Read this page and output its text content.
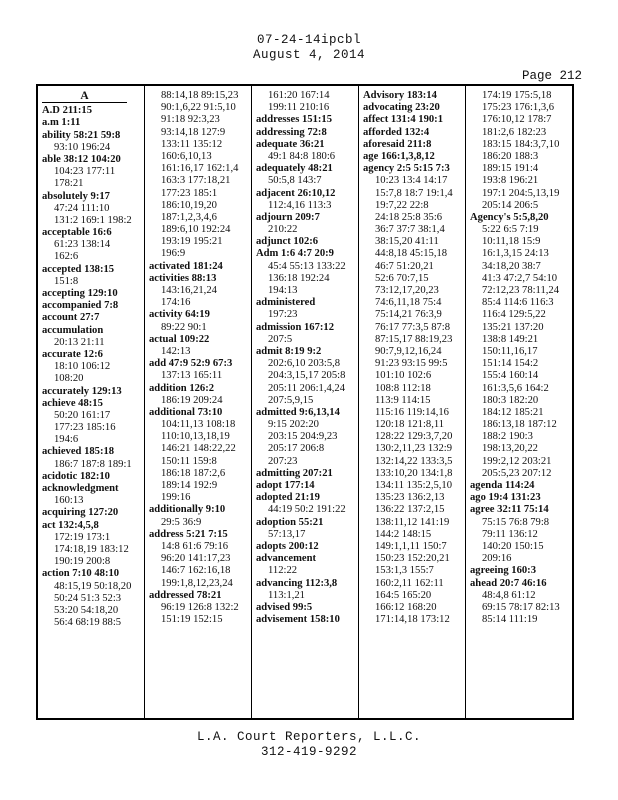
07-24-14ipcbl
August 4, 2014
Page 212
A
A.D 211:15
a.m 1:11
ability 58:21 59:8
93:10 196:24
able 38:12 104:20
104:23 177:11
178:21
absolutely 9:17
47:24 111:10
131:2 169:1 198:2
acceptable 16:6
61:23 138:14
162:6
accepted 138:15
151:8
accepting 129:10
accompanied 7:8
account 27:7
accumulation
20:13 21:11
accurate 12:6
18:10 106:12
108:20
accurately 129:13
achieve 48:15
50:20 161:17
177:23 185:16
194:6
achieved 185:18
186:7 187:8 189:1
acidotic 182:10
acknowledgment
160:13
acquiring 127:20
act 132:4,5,8
172:19 173:1
174:18,19 183:12
190:19 200:8
action 7:10 48:10
48:15,19 50:18,20
50:24 51:3 52:3
53:20 54:18,20
56:4 68:19 88:5
88:14,18 89:15,23
90:1,6,22 91:5,10
91:18 92:3,23
93:14,18 127:9
133:11 135:12
160:6,10,13
161:16,17 162:1,4
163:3 177:18,21
177:23 185:1
186:10,19,20
187:1,2,3,4,6
189:6,10 192:24
193:19 195:21
196:9
activated 181:24
activities 88:13
143:16,21,24
174:16
activity 64:19
89:22 90:1
actual 109:22
142:13
add 47:9 52:9 67:3
137:13 165:11
addition 126:2
186:19 209:24
additional 73:10
104:11,13 108:18
110:10,13,18,19
146:21 148:22,22
150:11 159:8
186:18 187:2,6
189:14 192:9
199:16
additionally 9:10
29:5 36:9
address 5:21 7:15
14:8 61:6 79:16
96:20 141:17,23
146:7 162:16,18
199:1,8,12,23,24
addressed 78:21
96:19 126:8 132:2
151:19 152:15
161:20 167:14
199:11 210:16
addresses 151:15
addressing 72:8
adequate 36:21
49:1 84:8 180:6
adequately 48:21
50:5,8 143:7
adjacent 26:10,12
112:4,16 113:3
adjourn 209:7
210:22
adjunct 102:6
Adm 1:6 4:7 20:9
45:4 55:13 133:22
136:18 192:24
194:13
administered
197:23
admission 167:12
207:5
admit 8:19 9:2
202:6,10 203:5,8
204:3,15,17 205:8
205:11 206:1,4,24
207:5,9,15
admitted 9:6,13,14
9:15 202:20
203:15 204:9,23
205:17 206:8
207:23
admitting 207:21
adopt 177:14
adopted 21:19
44:19 50:2 191:22
adoption 55:21
57:13,17
adopts 200:12
advancement
112:22
advancing 112:3,8
113:1,21
advised 99:5
advisement 158:10
Advisory 183:14
advocating 23:20
affect 131:4 190:1
afforded 132:4
aforesaid 211:8
age 166:1,3,8,12
agency 2:5 5:15 7:3
10:23 13:4 14:17
15:7,8 18:7 19:1,4
19:7,22 22:8
24:18 25:8 35:6
36:7 37:7 38:1,4
38:15,20 41:11
44:8,18 45:15,18
46:7 51:20,21
52:6 70:7,15
73:12,17,20,23
74:6,11,18 75:4
75:14,21 76:3,9
76:17 77:3,5 87:8
87:15,17 88:19,23
90:7,9,12,16,24
91:23 93:15 99:5
101:10 102:6
108:8 112:18
113:9 114:15
115:16 119:14,16
120:18 121:8,11
128:22 129:3,7,20
130:2,11,23 132:9
132:14,22 133:3,5
133:10,20 134:1,8
134:11 135:2,5,10
135:23 136:2,13
136:22 137:2,15
138:11,12 141:19
144:2 148:15
149:1,1,11 150:7
150:23 152:20,21
153:1,3 155:7
160:2,11 162:11
164:5 165:20
166:12 168:20
171:14,18 173:12
174:19 175:5,18
175:23 176:1,3,6
176:10,12 178:7
181:2,6 182:23
183:15 184:3,7,10
186:20 188:3
189:15 191:4
193:8 196:21
197:1 204:5,13,19
205:14 206:5
Agency's 5:5,8,20
5:22 6:5 7:19
10:11,18 15:9
16:1,3,15 24:13
34:18,20 38:7
41:3 47:2,7 54:10
72:12,23 78:11,24
85:4 114:6 116:3
116:4 129:5,22
135:21 137:20
138:8 149:21
150:11,16,17
151:14 154:2
155:4 160:14
161:3,5,6 164:2
180:3 182:20
184:12 185:21
186:13,18 187:12
188:2 190:3
198:13,20,22
199:2,12 203:21
205:5,23 207:12
agenda 114:24
ago 19:4 131:23
agree 32:11 75:14
75:15 76:8 79:8
79:11 136:12
140:20 150:15
209:16
agreeing 160:3
ahead 20:7 46:16
48:4,8 61:12
69:15 78:17 82:13
85:14 111:19
L.A. Court Reporters, L.L.C.
312-419-9292
